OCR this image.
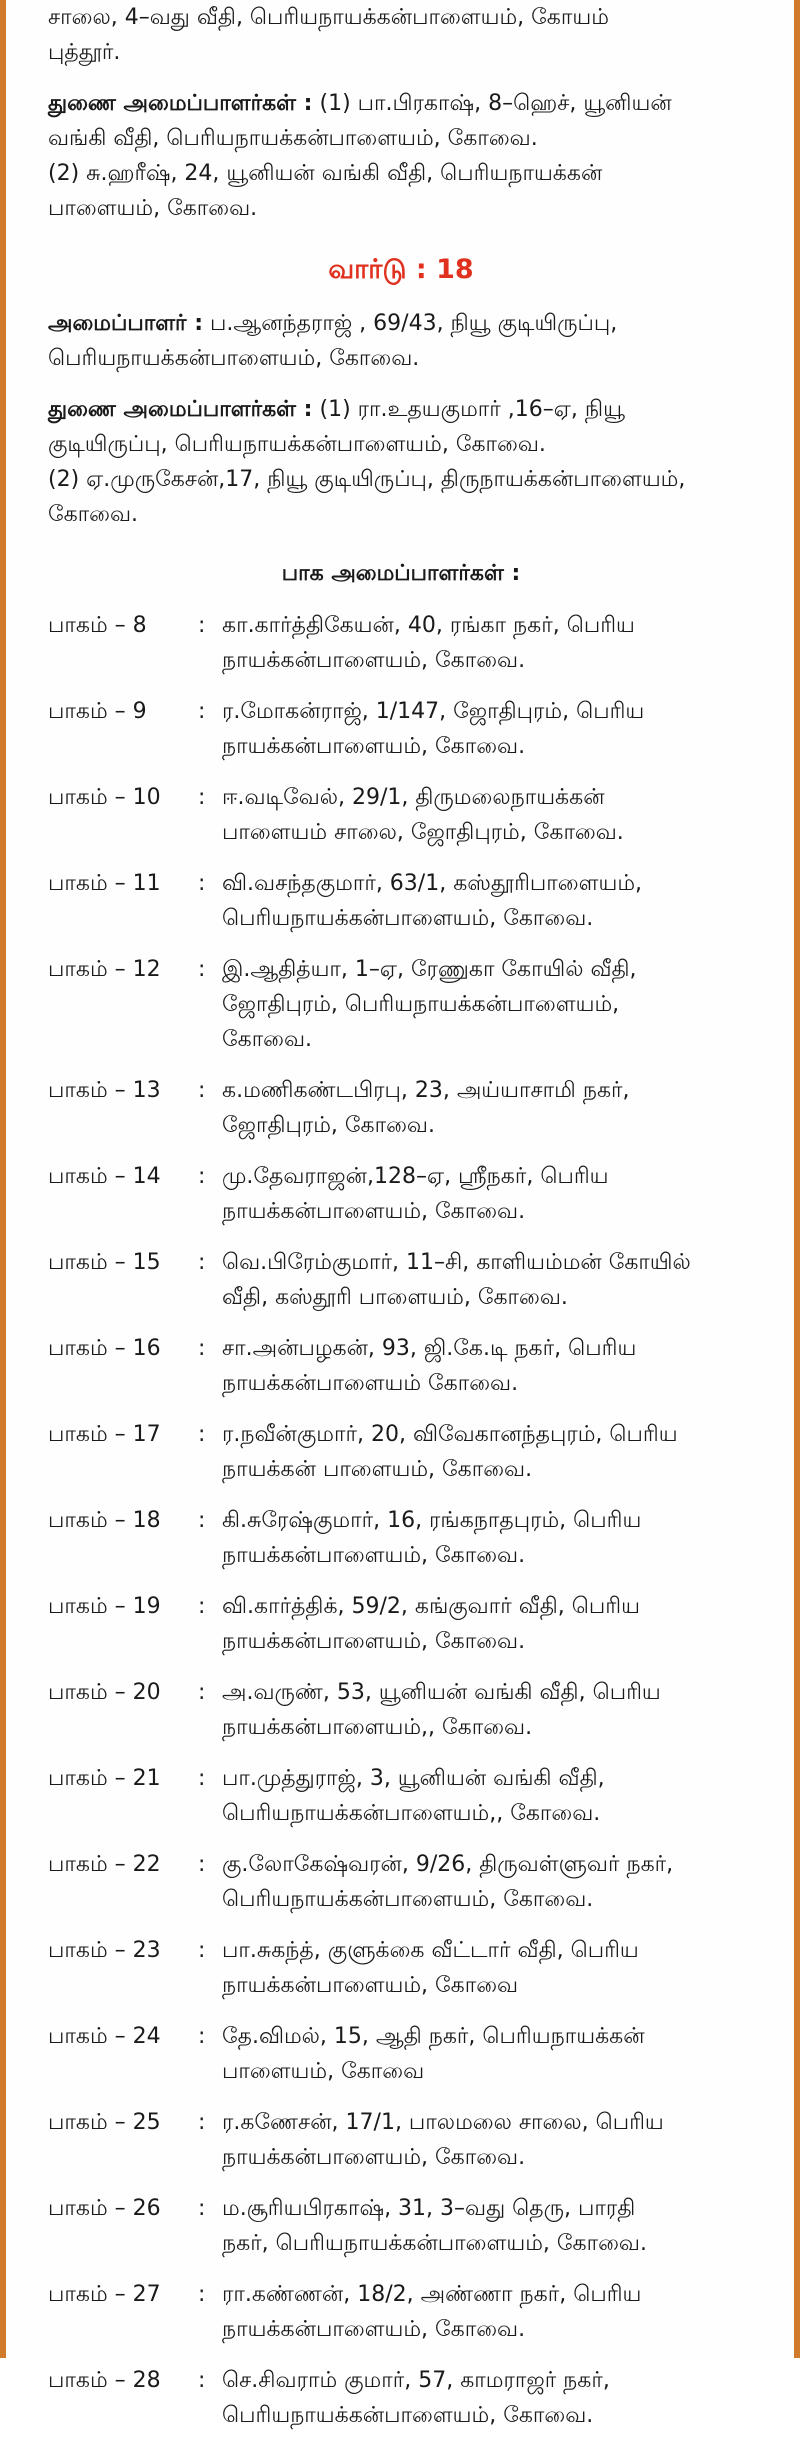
சாலை, 4–வது வீதி, பெரியநாயக்கன்பாளையம், கோயம்
புத்தூர்.

துணை அமைப்பாளர்கள் : (1) பா.பிரகாஷ், 8–ஹெச், யூனியன்
வங்கி வீதி, பெரியநாயக்கன்பாளையம், கோவை.
(2) சு.ஹரீஷ், 24, யூனியன் வங்கி வீதி, பெரியநாயக்கன்
பாளையம், கோவை.

வார்டு : 18

அமைப்பாளர் : ப.ஆனந்தராஜ் , 69/43, நியூ குடியிருப்பு,
பெரியநாயக்கன்பாளையம், கோவை.

துணை அமைப்பாளர்கள் : (1) ரா.உதயகுமார் ,16–ஏ, நியூ
குடியிருப்பு, பெரியநாயக்கன்பாளையம், கோவை.
(2) ஏ.முருகேசன்,17, நியூ குடியிருப்பு, திருநாயக்கன்பாளையம்,
கோவை.

பாக அமைப்பாளர்கள் :

பாகம் – 8	: கா.கார்த்திகேயன், 40, ரங்கா நகர், பெரிய
நாயக்கன்பாளையம், கோவை.
பாகம் – 9	: ர.மோகன்ராஜ், 1/147, ஜோதிபுரம், பெரிய
நாயக்கன்பாளையம், கோவை.
பாகம் – 10	: ஈ.வடிவேல், 29/1, திருமலைநாயக்கன்
பாளையம் சாலை, ஜோதிபுரம், கோவை.
பாகம் – 11	: வி.வசந்தகுமார், 63/1, கஸ்தூரிபாளையம்,
பெரியநாயக்கன்பாளையம், கோவை.
பாகம் – 12	: இ.ஆதித்யா, 1–ஏ, ரேணுகா கோயில் வீதி,
ஜோதிபுரம், பெரியநாயக்கன்பாளையம்,
கோவை.
பாகம் – 13	: க.மணிகண்டபிரபு, 23, அய்யாசாமி நகர்,
ஜோதிபுரம், கோவை.
பாகம் – 14	: மு.தேவராஜன்,128–ஏ, ஸ்ரீநகர், பெரிய
நாயக்கன்பாளையம், கோவை.
பாகம் – 15	: வெ.பிரேம்குமார், 11–சி, காளியம்மன் கோயில்
வீதி, கஸ்தூரி பாளையம், கோவை.
பாகம் – 16	: சா.அன்பழகன், 93, ஜி.கே.டி நகர், பெரிய
நாயக்கன்பாளையம் கோவை.
பாகம் – 17	: ர.நவீன்குமார், 20, விவேகானந்தபுரம், பெரிய
நாயக்கன் பாளையம், கோவை.
பாகம் – 18	: கி.சுரேஷ்குமார், 16, ரங்கநாதபுரம், பெரிய
நாயக்கன்பாளையம், கோவை.
பாகம் – 19	: வி.கார்த்திக், 59/2, கங்குவார் வீதி, பெரிய
நாயக்கன்பாளையம், கோவை.
பாகம் – 20	: அ.வருண், 53, யூனியன் வங்கி வீதி, பெரிய
நாயக்கன்பாளையம்,, கோவை.
பாகம் – 21	: பா.முத்துராஜ், 3, யூனியன் வங்கி வீதி,
பெரியநாயக்கன்பாளையம்,, கோவை.
பாகம் – 22	: கு.லோகேஷ்வரன், 9/26, திருவள்ளுவர் நகர்,
பெரியநாயக்கன்பாளையம், கோவை.
பாகம் – 23	: பா.சுகந்த், குளுக்கை வீட்டார் வீதி, பெரிய
நாயக்கன்பாளையம், கோவை
பாகம் – 24	: தே.விமல், 15, ஆதி நகர், பெரியநாயக்கன்
பாளையம், கோவை
பாகம் – 25	: ர.கணேசன், 17/1, பாலமலை சாலை, பெரிய
நாயக்கன்பாளையம், கோவை.
பாகம் – 26	: ம.சூரியபிரகாஷ், 31, 3–வது தெரு, பாரதி
நகர், பெரியநாயக்கன்பாளையம், கோவை.
பாகம் – 27	: ரா.கண்ணன், 18/2, அண்ணா நகர், பெரிய
நாயக்கன்பாளையம், கோவை.
பாகம் – 28	: செ.சிவராம் குமார், 57, காமராஜர் நகர்,
பெரியநாயக்கன்பாளையம், கோவை.
